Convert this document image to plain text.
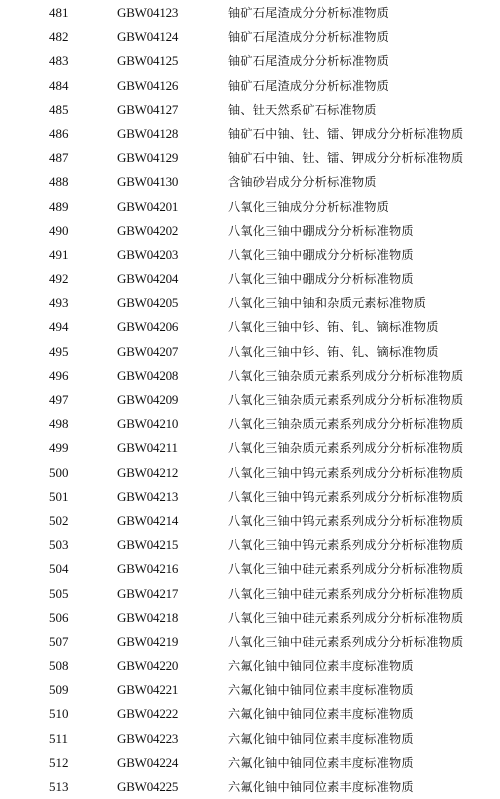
481	GBW04123	铀矿石尾渣成分分析标准物质
482	GBW04124	铀矿石尾渣成分分析标准物质
483	GBW04125	铀矿石尾渣成分分析标准物质
484	GBW04126	铀矿石尾渣成分分析标准物质
485	GBW04127	铀、钍天然系矿石标准物质
486	GBW04128	铀矿石中铀、钍、镭、钾成分分析标准物质
487	GBW04129	铀矿石中铀、钍、镭、钾成分分析标准物质
488	GBW04130	含铀砂岩成分分析标准物质
489	GBW04201	八氧化三铀成分分析标准物质
490	GBW04202	八氧化三铀中硼成分分析标准物质
491	GBW04203	八氧化三铀中硼成分分析标准物质
492	GBW04204	八氧化三铀中硼成分分析标准物质
493	GBW04205	八氧化三铀中铀和杂质元素标准物质
494	GBW04206	八氧化三铀中钐、铕、钆、镝标准物质
495	GBW04207	八氧化三铀中钐、铕、钆、镝标准物质
496	GBW04208	八氧化三铀杂质元素系列成分分析标准物质
497	GBW04209	八氧化三铀杂质元素系列成分分析标准物质
498	GBW04210	八氧化三铀杂质元素系列成分分析标准物质
499	GBW04211	八氧化三铀杂质元素系列成分分析标准物质
500	GBW04212	八氧化三铀中钨元素系列成分分析标准物质
501	GBW04213	八氧化三铀中钨元素系列成分分析标准物质
502	GBW04214	八氧化三铀中钨元素系列成分分析标准物质
503	GBW04215	八氧化三铀中钨元素系列成分分析标准物质
504	GBW04216	八氧化三铀中硅元素系列成分分析标准物质
505	GBW04217	八氧化三铀中硅元素系列成分分析标准物质
506	GBW04218	八氧化三铀中硅元素系列成分分析标准物质
507	GBW04219	八氧化三铀中硅元素系列成分分析标准物质
508	GBW04220	六氟化铀中铀同位素丰度标准物质
509	GBW04221	六氟化铀中铀同位素丰度标准物质
510	GBW04222	六氟化铀中铀同位素丰度标准物质
511	GBW04223	六氟化铀中铀同位素丰度标准物质
512	GBW04224	六氟化铀中铀同位素丰度标准物质
513	GBW04225	六氟化铀中铀同位素丰度标准物质
